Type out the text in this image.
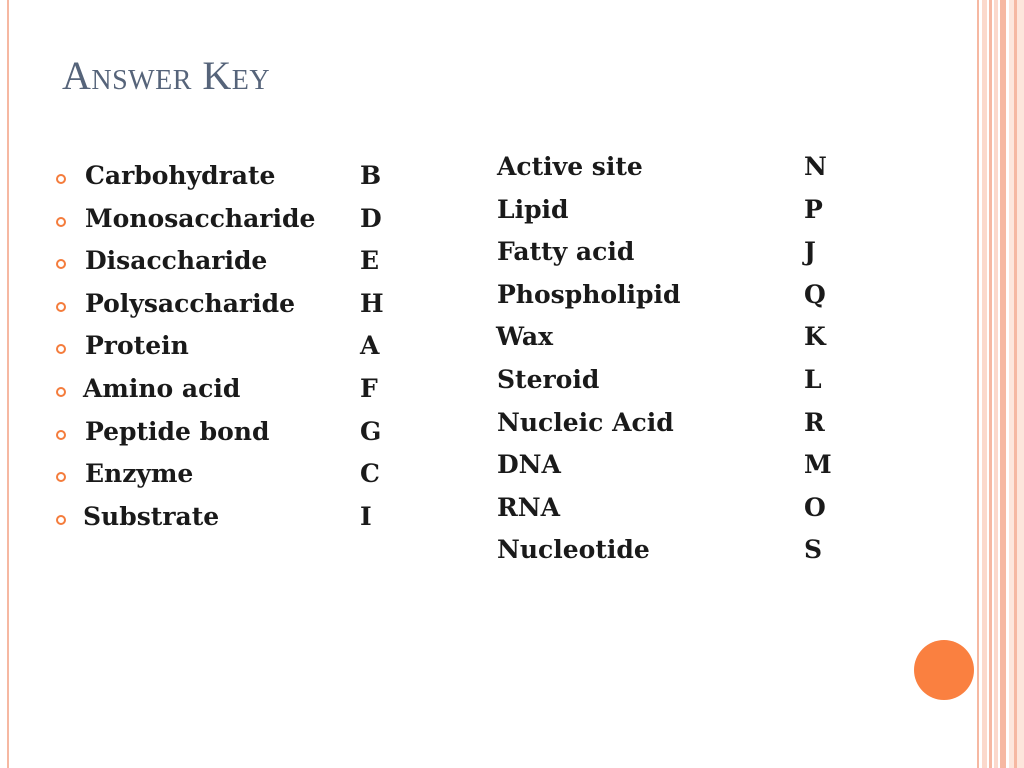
Answer Key
Carbohydrate	B
Monosaccharide D
Disaccharide	E
Polysaccharide	H
Protein	A
Amino acid	F
Peptide bond	G
Enzyme	C
Substrate	I
Active site	N
Lipid	P
Fatty acid	J
Phospholipid	Q
Wax	K
Steroid	L
Nucleic Acid	R
DNA	M
RNA	O
Nucleotide	S
